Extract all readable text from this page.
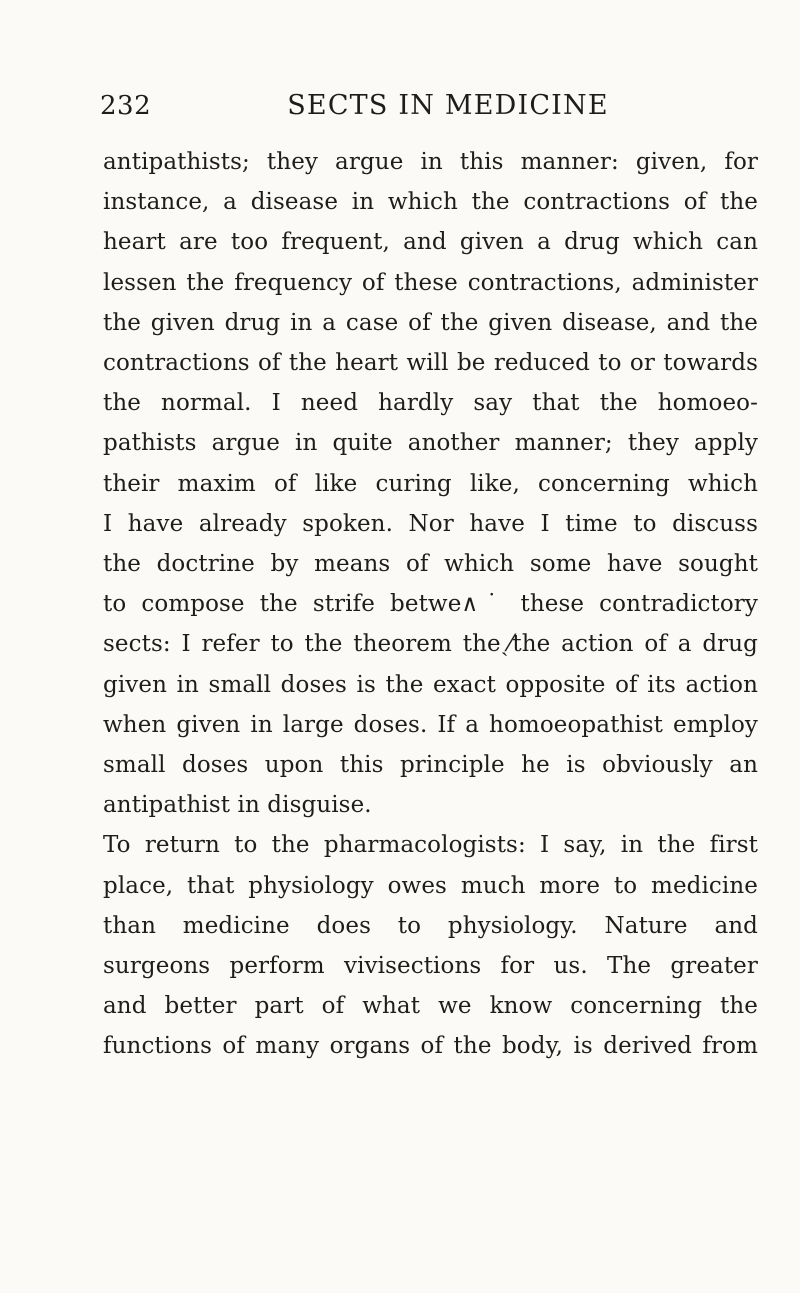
232	SECTS IN MEDICINE
antipathists; they argue in this manner: given, for
instance, a disease in which the contractions of the
heart are too frequent, and given a drug which can
lessen the frequency of these contractions, administer
the given drug in a case of the given disease, and the
contractions of the heart will be reduced to or towards
the normal. I need hardly say that the homoeo-
pathists argue in quite another manner; they apply
their maxim of like curing like, concerning which
I have already spoken. Nor have I time to discuss
the doctrine by means of which some have sought
to compose the strife betwe∧˙ these contradictory
sects: I refer to the theorem theˏ⁄the action of a drug
given in small doses is the exact opposite of its action
when given in large doses. If a homoeopathist employ
small doses upon this principle he is obviously an
antipathist in disguise.
To return to the pharmacologists: I say, in the first
place, that physiology owes much more to medicine
than medicine does to physiology. Nature and
surgeons perform vivisections for us. The greater
and better part of what we know concerning the
functions of many organs of the body, is derived from
